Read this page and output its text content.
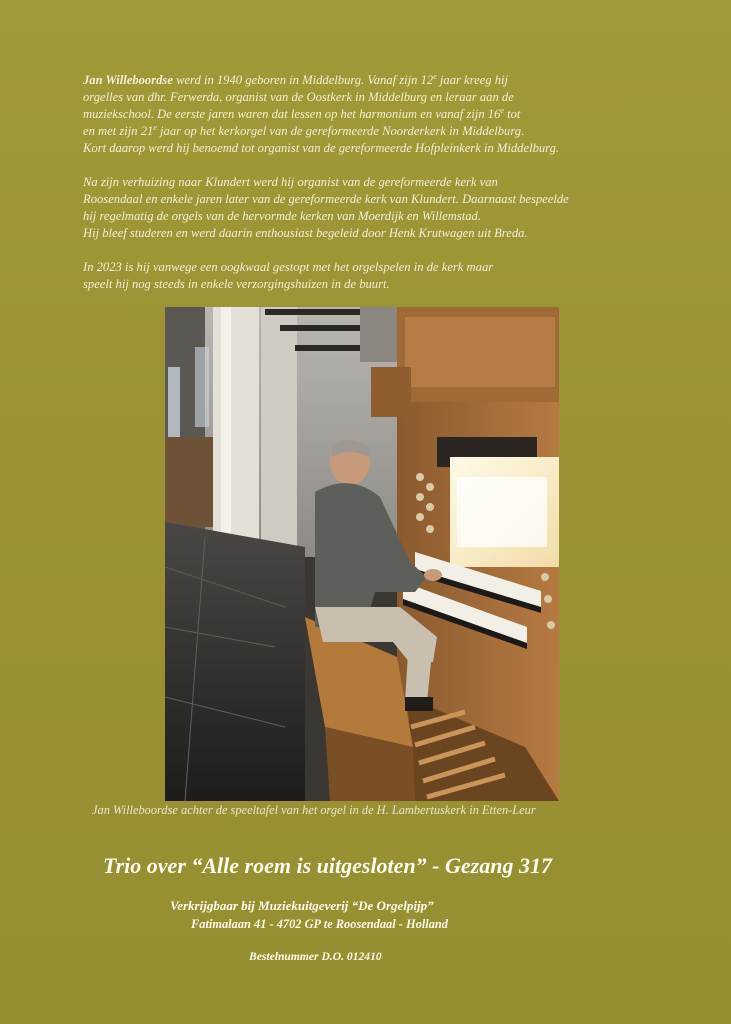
Jan Willeboordse werd in 1940 geboren in Middelburg. Vanaf zijn 12e jaar kreeg hij
orgelles van dhr. Ferwerda, organist van de Oostkerk in Middelburg en leraar aan de
muziekschool. De eerste jaren waren dat lessen op het harmonium en vanaf zijn 16e tot
en met zijn 21e jaar op het kerkorgel van de gereformeerde Noorderkerk in Middelburg.
Kort daarop werd hij benoemd tot organist van de gereformeerde Hofpleinkerk in Middelburg.

Na zijn verhuizing naar Klundert werd hij organist van de gereformeerde kerk van
Roosendaal en enkele jaren later van de gereformeerde kerk van Klundert. Daarnaast bespeelde
hij regelmatig de orgels van de hervormde kerken van Moerdijk en Willemstad.
Hij bleef studeren en werd daarin enthousiast begeleid door Henk Krutwagen uit Breda.

In 2023 is hij vanwege een oogkwaal gestopt met het orgelspelen in de kerk maar
speelt hij nog steeds in enkele verzorgingshuizen in de buurt.

Jan Willeboordse achter de speeltafel van het orgel in de H. Lambertuskerk in Etten-Leur
Trio over “Alle roem is uitgesloten” - Gezang 317
Verkrijgbaar bij Muziekuitgeverij “De Orgelpijp”
Fatimalaan 41 - 4702 GP te Roosendaal - Holland
Bestelnummer D.O. 012410
